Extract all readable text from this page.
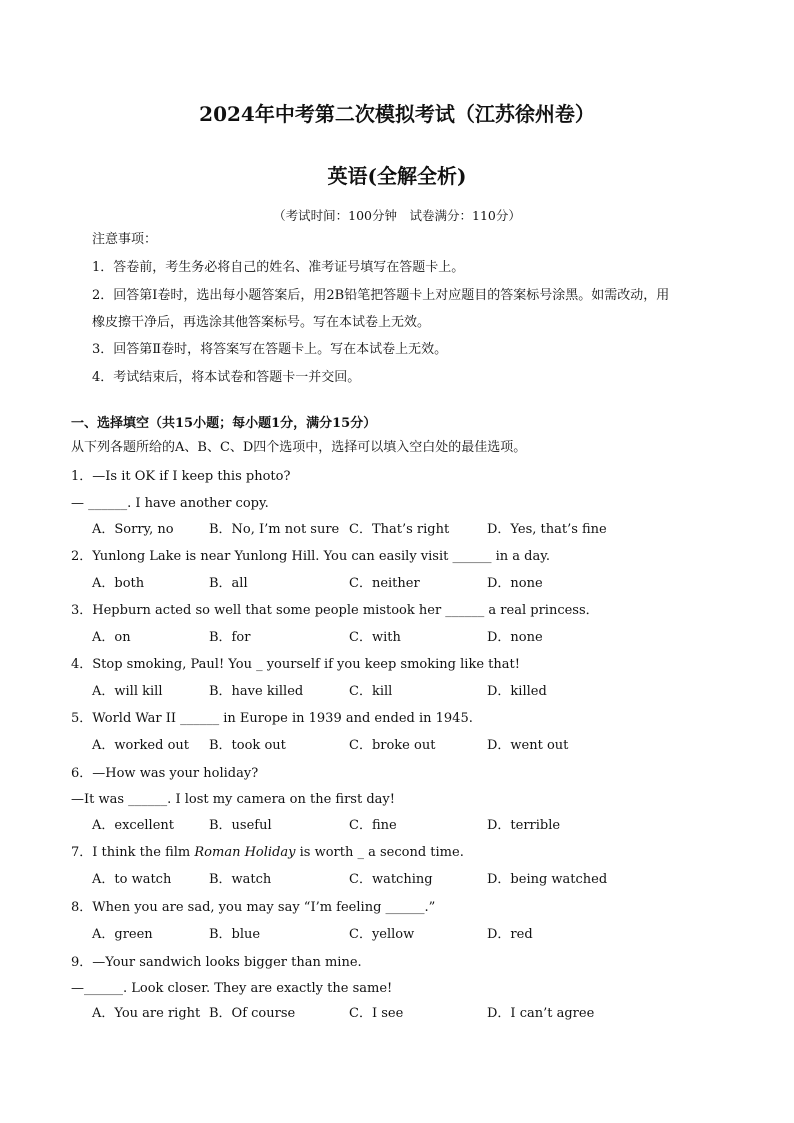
2024年中考第二次模拟考试（江苏徐州卷）
英语(全解全析)
（考试时间：100分钟　试卷满分：110分）
注意事项：
1．答卷前，考生务必将自己的姓名、准考证号填写在答题卡上。
2．回答第Ⅰ卷时，选出每小题答案后，用2B铅笔把答题卡上对应题目的答案标号涂黑。如需改动，用
橡皮擦干净后，再选涂其他答案标号。写在本试卷上无效。
3．回答第Ⅱ卷时，将答案写在答题卡上。写在本试卷上无效。
4．考试结束后，将本试卷和答题卡一并交回。
一、选择填空（共15小题；每小题1分，满分15分）
从下列各题所给的A、B、C、D四个选项中，选择可以填入空白处的最佳选项。
1．—Is it OK if I keep this photo?
— ______. I have another copy.
A．Sorry, no	B．No, I’m not sure C．That’s right	D．Yes, that’s fine
2．Yunlong Lake is near Yunlong Hill. You can easily visit ______ in a day.
A．both	B．all	C．neither	D．none
3．Hepburn acted so well that some people mistook her ______ a real princess．
A．on	B．for	C．with	D．none
4．Stop smoking, Paul! You _ yourself if you keep smoking like that!
A．will kill	B．have killed	C．kill	D．killed
5．World War II ______ in Europe in 1939 and ended in 1945.
A．worked out B．took out	C．broke out	D．went out
6．—How was your holiday?
—It was ______. I lost my camera on the first day!
A．excellent	B．useful	C．fine	D．terrible
7．I think the film Roman Holiday is worth _ a second time.
A．to watch	B．watch	C．watching	D．being watched
8．When you are sad, you may say “I’m feeling ______.”
A．green	B．blue	C．yellow	D．red
9．—Your sandwich looks bigger than mine.
—______. Look closer. They are exactly the same!
A．You are right B．Of course	C．I see	D．I can’t agree
